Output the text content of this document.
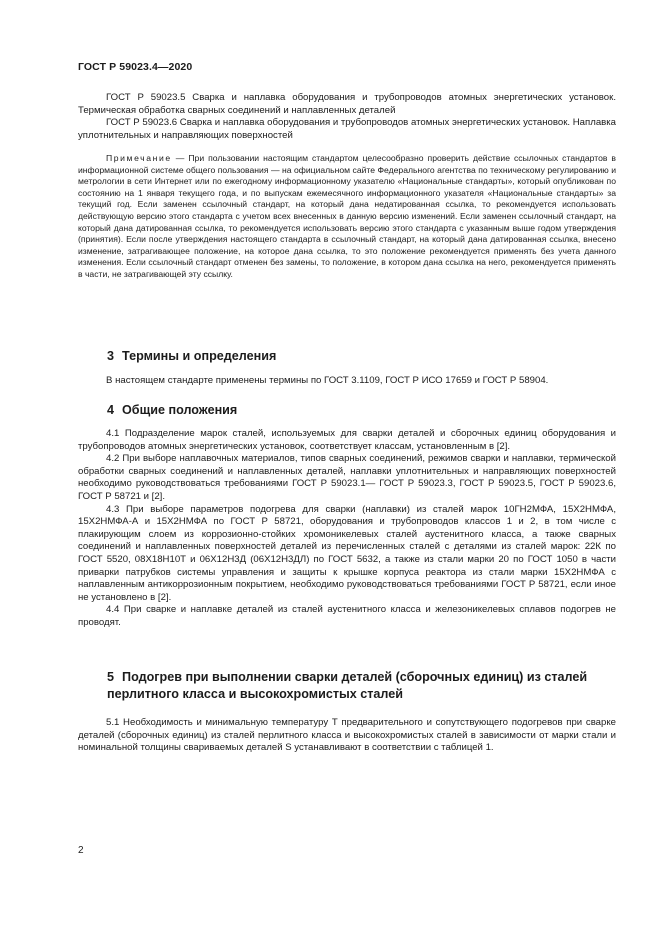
ГОСТ Р 59023.4—2020

ГОСТ Р 59023.5 Сварка и наплавка оборудования и трубопроводов атомных энергетических установок. Термическая обработка сварных соединений и наплавленных деталей

ГОСТ Р 59023.6 Сварка и наплавка оборудования и трубопроводов атомных энергетических установок. Наплавка уплотнительных и направляющих поверхностей

Примечание — При пользовании настоящим стандартом целесообразно проверить действие ссылочных стандартов в информационной системе общего пользования — на официальном сайте Федерального агентства по техническому регулированию и метрологии в сети Интернет или по ежегодному информационному указателю «Национальные стандарты», который опубликован по состоянию на 1 января текущего года, и по выпускам ежемесячного информационного указателя «Национальные стандарты» за текущий год. Если заменен ссылочный стандарт, на который дана недатированная ссылка, то рекомендуется использовать действующую версию этого стандарта с учетом всех внесенных в данную версию изменений. Если заменен ссылочный стандарт, на который дана датированная ссылка, то рекомендуется использовать версию этого стандарта с указанным выше годом утверждения (принятия). Если после утверждения настоящего стандарта в ссылочный стандарт, на который дана датированная ссылка, внесено изменение, затрагивающее положение, на которое дана ссылка, то это положение рекомендуется применять без учета данного изменения. Если ссылочный стандарт отменен без замены, то положение, в котором дана ссылка на него, рекомендуется применять в части, не затрагивающей эту ссылку.
3 Термины и определения

В настоящем стандарте применены термины по ГОСТ 3.1109, ГОСТ Р ИСО 17659 и ГОСТ Р 58904.

4 Общие положения

4.1 Подразделение марок сталей, используемых для сварки деталей и сборочных единиц оборудования и трубопроводов атомных энергетических установок, соответствует классам, установленным в [2].

4.2 При выборе наплавочных материалов, типов сварных соединений, режимов сварки и наплавки, термической обработки сварных соединений и наплавленных деталей, наплавки уплотнительных и направляющих поверхностей необходимо руководствоваться требованиями ГОСТ Р 59023.1— ГОСТ Р 59023.3, ГОСТ Р 59023.5, ГОСТ Р 59023.6, ГОСТ Р 58721 и [2].

4.3 При выборе параметров подогрева для сварки (наплавки) из сталей марок 10ГН2МФА, 15Х2НМФА, 15Х2НМФА-А и 15Х2НМФА по ГОСТ Р 58721, оборудования и трубопроводов классов 1 и 2, в том числе с плакирующим слоем из коррозионно-стойких хромоникелевых сталей аустенитного класса, а также сварных соединений и наплавленных поверхностей деталей из перечисленных сталей с деталями из сталей марок: 22К по ГОСТ 5520, 08Х18Н10Т и 06Х12Н3Д (06Х12Н3ДЛ) по ГОСТ 5632, а также из стали марки 20 по ГОСТ 1050 в части приварки патрубков системы управления и защиты к крышке корпуса реактора из стали марки 15Х2НМФА с наплавленным антикоррозионным покрытием, необходимо руководствоваться требованиями ГОСТ Р 58721, если иное не установлено в [2].

4.4 При сварке и наплавке деталей из сталей аустенитного класса и железоникелевых сплавов подогрев не проводят.

5 Подогрев при выполнении сварки деталей (сборочных единиц) из сталей перлитного класса и высокохромистых сталей

5.1 Необходимость и минимальную температуру Т предварительного и сопутствующего подогревов при сварке деталей (сборочных единиц) из сталей перлитного класса и высокохромистых сталей в зависимости от марки стали и номинальной толщины свариваемых деталей S устанавливают в соответствии с таблицей 1.

2
